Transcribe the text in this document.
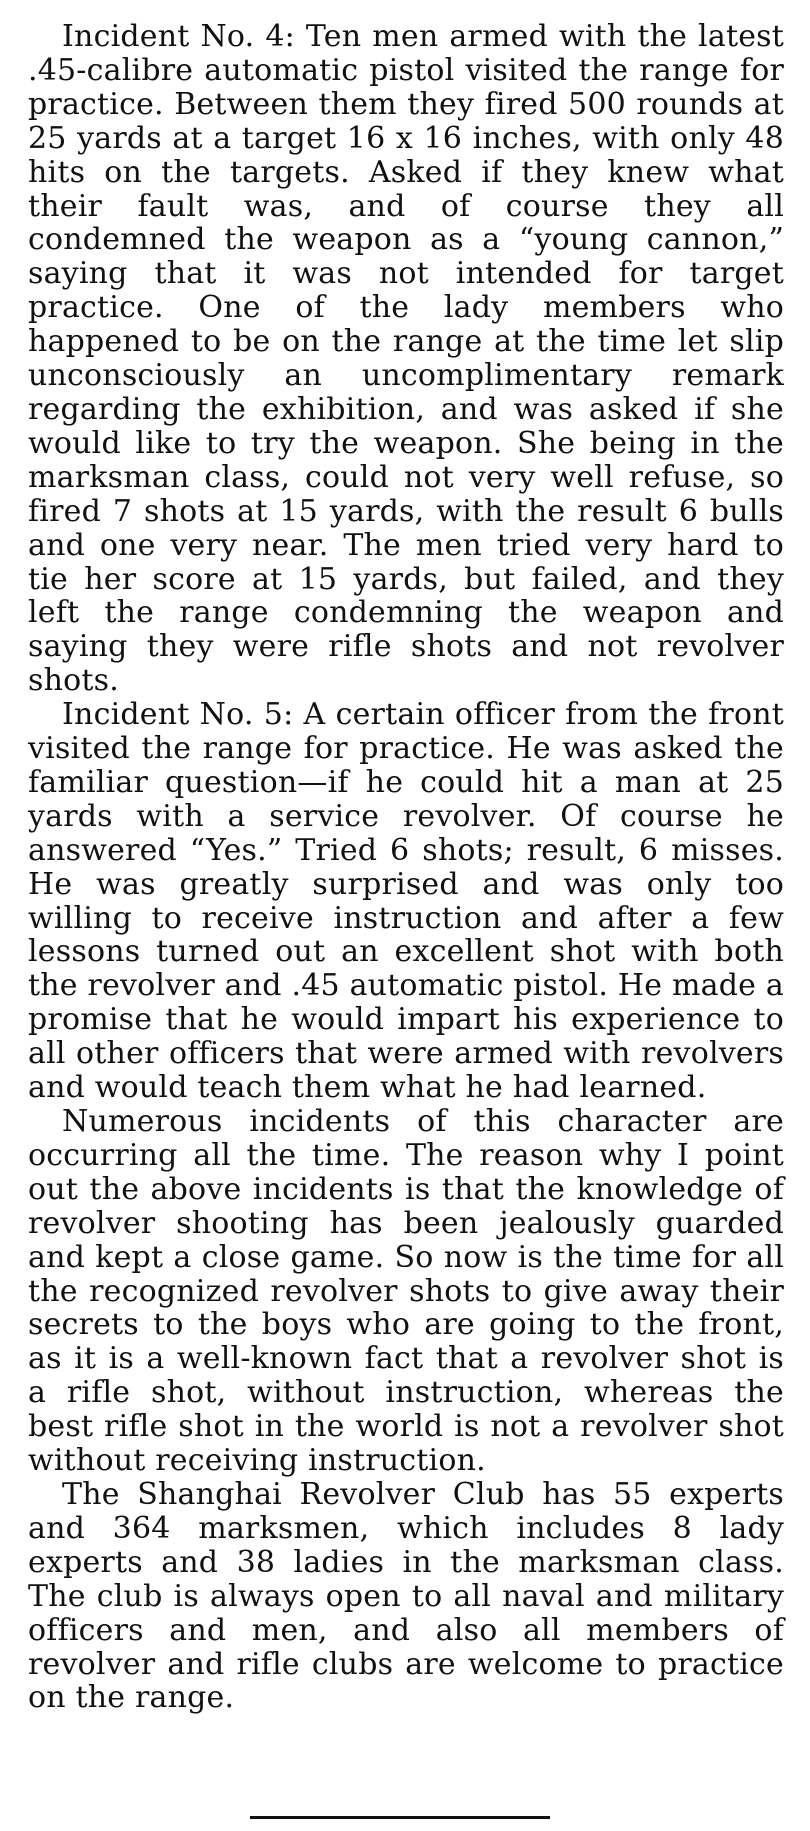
Incident No. 4: Ten men armed with the latest .45-calibre automatic pistol visited the range for practice. Between them they fired 500 rounds at 25 yards at a target 16 x 16 inches, with only 48 hits on the targets. Asked if they knew what their fault was, and of course they all condemned the weapon as a “young cannon,” saying that it was not intended for target practice. One of the lady members who happened to be on the range at the time let slip unconsciously an uncomplimentary remark regarding the exhibition, and was asked if she would like to try the weapon. She being in the marksman class, could not very well refuse, so fired 7 shots at 15 yards, with the result 6 bulls and one very near. The men tried very hard to tie her score at 15 yards, but failed, and they left the range condemning the weapon and saying they were rifle shots and not revolver shots.

Incident No. 5: A certain officer from the front visited the range for practice. He was asked the familiar question—if he could hit a man at 25 yards with a service revolver. Of course he answered “Yes.” Tried 6 shots; result, 6 misses. He was greatly surprised and was only too willing to receive instruction and after a few lessons turned out an excellent shot with both the revolver and .45 automatic pistol. He made a promise that he would impart his experience to all other officers that were armed with revolvers and would teach them what he had learned.

Numerous incidents of this character are occurring all the time. The reason why I point out the above incidents is that the knowledge of revolver shooting has been jealously guarded and kept a close game. So now is the time for all the recognized revolver shots to give away their secrets to the boys who are going to the front, as it is a well-known fact that a revolver shot is a rifle shot, without instruction, whereas the best rifle shot in the world is not a revolver shot without receiving instruction.

The Shanghai Revolver Club has 55 experts and 364 marksmen, which includes 8 lady experts and 38 ladies in the marksman class. The club is always open to all naval and military officers and men, and also all members of revolver and rifle clubs are welcome to practice on the range.
